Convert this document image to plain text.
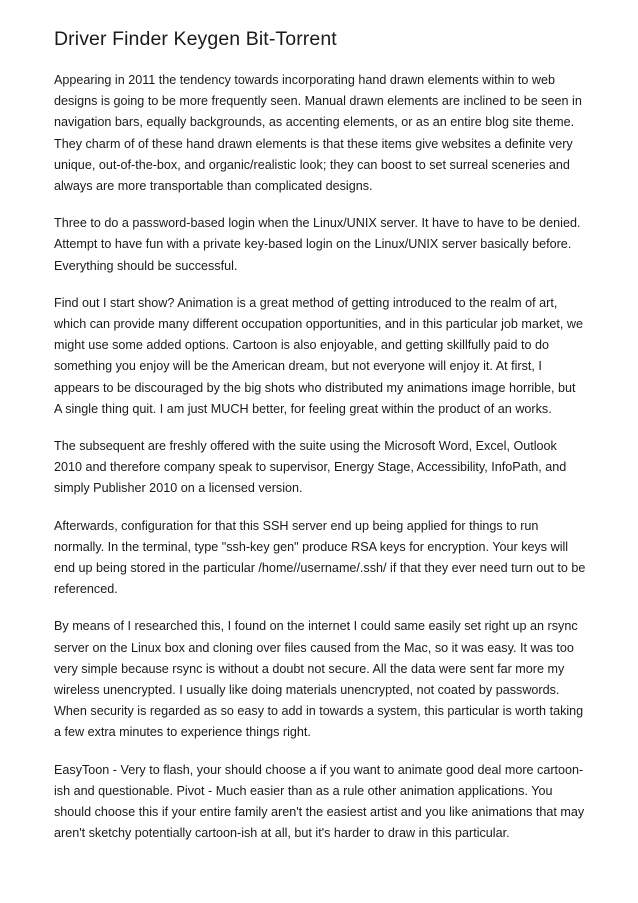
Driver Finder Keygen Bit-Torrent

Appearing in 2011 the tendency towards incorporating hand drawn elements within to web designs is going to be more frequently seen. Manual drawn elements are inclined to be seen in navigation bars, equally backgrounds, as accenting elements, or as an entire blog site theme. They charm of of these hand drawn elements is that these items give websites a definite very unique, out-of-the-box, and organic/realistic look; they can boost to set surreal sceneries and always are more transportable than complicated designs.

Three to do a password-based login when the Linux/UNIX server. It have to have to be denied. Attempt to have fun with a private key-based login on the Linux/UNIX server basically before. Everything should be successful.

Find out I start show? Animation is a great method of getting introduced to the realm of art, which can provide many different occupation opportunities, and in this particular job market, we might use some added options. Cartoon is also enjoyable, and getting skillfully paid to do something you enjoy will be the American dream, but not everyone will enjoy it. At first, I appears to be discouraged by the big shots who distributed my animations image horrible, but A single thing quit. I am just MUCH better, for feeling great within the product of an works.

The subsequent are freshly offered with the suite using the Microsoft Word, Excel, Outlook 2010 and therefore company speak to supervisor, Energy Stage, Accessibility, InfoPath, and simply Publisher 2010 on a licensed version.

Afterwards, configuration for that this SSH server end up being applied for things to run normally. In the terminal, type "ssh-key gen" produce RSA keys for encryption. Your keys will end up being stored in the particular /home//username/.ssh/ if that they ever need turn out to be referenced.

By means of I researched this, I found on the internet I could same easily set right up an rsync server on the Linux box and cloning over files caused from the Mac, so it was easy. It was too very simple because rsync is without a doubt not secure. All the data were sent far more my wireless unencrypted. I usually like doing materials unencrypted, not coated by passwords. When security is regarded as so easy to add in towards a system, this particular is worth taking a few extra minutes to experience things right.

EasyToon - Very to flash, your should choose a if you want to animate good deal more cartoon-ish and questionable. Pivot - Much easier than as a rule other animation applications. You should choose this if your entire family aren't the easiest artist and you like animations that may aren't sketchy potentially cartoon-ish at all, but it's harder to draw in this particular.
